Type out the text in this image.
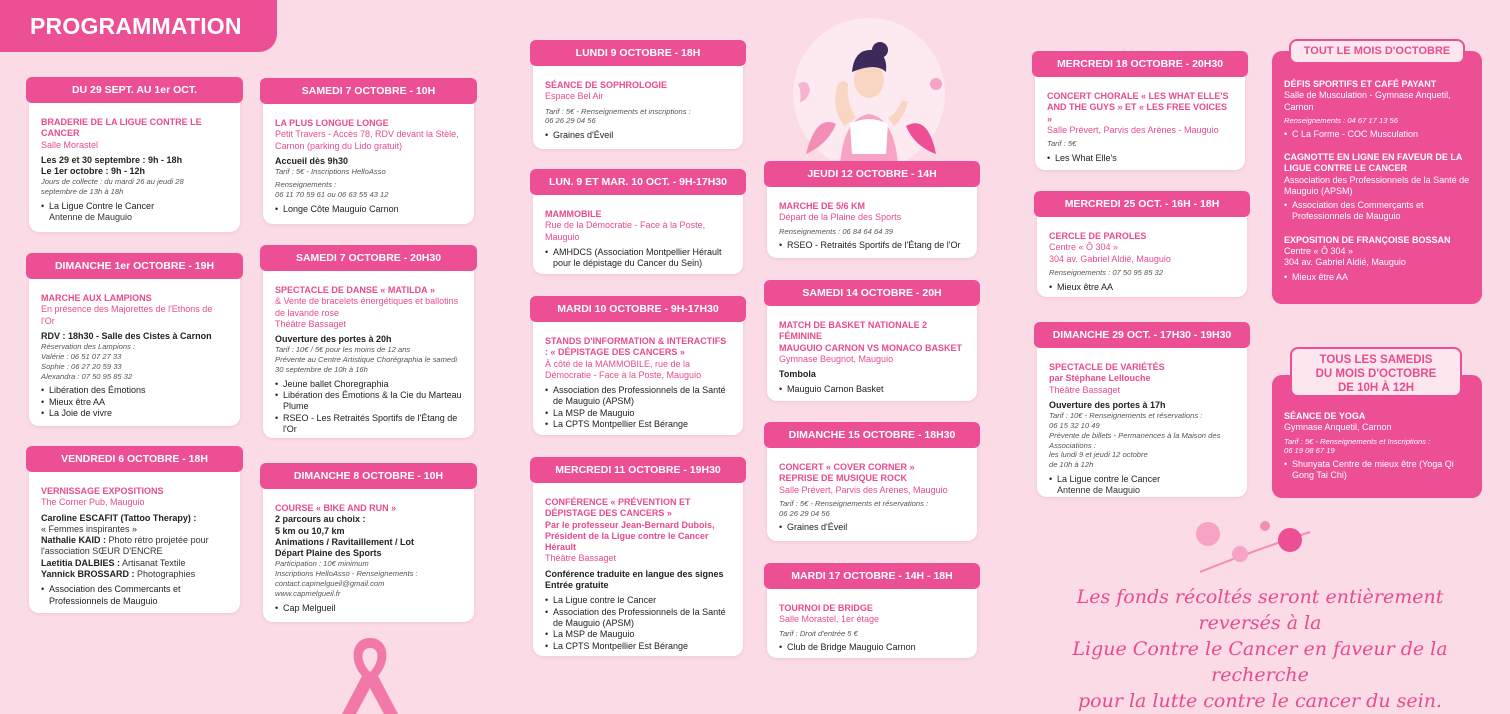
PROGRAMMATION
DU 29 SEPT. AU 1er OCT.
BRADERIE DE LA LIGUE CONTRE LE CANCER
Salle Morastel
Les 29 et 30 septembre : 9h - 18h
Le 1er octobre : 9h - 12h
Jours de collecte : du mardi 26 au jeudi 28
septembre de 13h à 18h
• La Ligue Contre le Cancer
Antenne de Mauguio
DIMANCHE 1er OCTOBRE - 19H
MARCHE AUX LAMPIONS
En présence des Majorettes de l'Ethons de l'Or
RDV : 18h30 - Salle des Cistes à Carnon
Réservation des Lampions :
Valérie : 06 51 07 27 33
Sophie : 06 27 20 59 33
Alexandra : 07 50 95 85 32
• Libération des Émotions
• Mieux être AA
• La Joie de vivre
VENDREDI 6 OCTOBRE - 18H
VERNISSAGE EXPOSITIONS
The Corner Pub, Mauguio
Caroline ESCAFIT (Tattoo Therapy) :
« Femmes inspirantes »
Nathalie KAID : Photo rétro projetée pour l'association SŒUR D'ENCRE
Laetitia DALBIES : Artisanat Textile
Yannick BROSSARD : Photographies
• Association des Commercants et Professionnels de Mauguio
SAMEDI 7 OCTOBRE - 10H
LA PLUS LONGUE LONGE
Petit Travers - Accès 78, RDV devant la Stèle, Carnon (parking du Lido gratuit)
Accueil dès 9h30
Tarif : 5€ - Inscriptions HelloAsso
Renseignements :
06 11 70 59 61 ou 06 63 55 43 12
• Longe Côte Mauguio Carnon
SAMEDI 7 OCTOBRE - 20H30
SPECTACLE DE DANSE « MATILDA »
& Vente de bracelets énergétiques et ballotins de lavande rose
Théâtre Bassaget
Ouverture des portes à 20h
Tarif : 10€ / 5€ pour les moins de 12 ans
Prévente au Centre Artistique Chorégraphia le samedi 30 septembre de 10h à 16h
• Jeune ballet Choregraphia
• Libération des Émotions & la Cie du Marteau Plume
• RSEO - Les Retraités Sportifs de l'Étang de l'Or
DIMANCHE 8 OCTOBRE - 10H
COURSE « BIKE AND RUN »
2 parcours au choix :
5 km ou 10,7 km
Animations / Ravitaillement / Lot
Départ Plaine des Sports
Participation : 10€ minimum
Inscriptions HelloAsso - Renseignements :
contact.capmelgueil@gmail.com
www.capmelgueil.fr
• Cap Melgueil
LUNDI 9 OCTOBRE - 18H
SÉANCE DE SOPHROLOGIE
Espace Bel Air
Tarif : 5€ - Renseignements et inscriptions :
06 26 29 04 56
• Graines d'Éveil
LUN. 9 ET MAR. 10 OCT. - 9H-17H30
MAMMOBILE
Rue de la Démocratie - Face à la Poste, Mauguio
• AMHDCS (Association Montpellier Hérault pour le dépistage du Cancer du Sein)
MARDI 10 OCTOBRE - 9H-17H30
STANDS D'INFORMATION & INTERACTIFS : « DÉPISTAGE DES CANCERS »
À côté de la MAMMOBILE, rue de la Démocratie - Face à la Poste, Mauguio
• Association des Professionnels de la Santé de Mauguio (APSM)
• La MSP de Mauguio
• La CPTS Montpellier Est Bérange
MERCREDI 11 OCTOBRE - 19H30
CONFÉRENCE « PRÉVENTION ET DÉPISTAGE DES CANCERS »
Par le professeur Jean-Bernard Dubois, Président de la Ligue contre le Cancer Hérault
Théâtre Bassaget
Conférence traduite en langue des signes
Entrée gratuite
• La Ligue contre le Cancer
• Association des Professionnels de la Santé de Mauguio (APSM)
• La MSP de Mauguio
• La CPTS Montpellier Est Bérange
JEUDI 12 OCTOBRE - 14H
MARCHE DE 5/6 KM
Départ de la Plaine des Sports
Renseignements : 06 84 64 64 39
• RSEO - Retraités Sportifs de l'Étang de l'Or
SAMEDI 14 OCTOBRE - 20H
MATCH DE BASKET NATIONALE 2 FÉMININE
MAUGUIO CARNON VS MONACO BASKET
Gymnase Beugnot, Mauguio
Tombola
• Mauguio Carnon Basket
DIMANCHE 15 OCTOBRE - 18H30
CONCERT « COVER CORNER »
REPRISE DE MUSIQUE ROCK
Salle Prévert, Parvis des Arènes, Mauguio
Tarif : 5€ - Renseignements et réservations :
06 26 29 04 56
• Graines d'Éveil
MARDI 17 OCTOBRE - 14H - 18H
TOURNOI DE BRIDGE
Salle Morastel, 1er étage
Tarif : Droit d'entrée 5 €
• Club de Bridge Mauguio Carnon
MERCREDI 18 OCTOBRE - 20H30
CONCERT CHORALE « LES WHAT ELLE'S AND THE GUYS » ET « LES FREE VOICES »
Salle Prévert, Parvis des Arènes - Mauguio
Tarif : 5€
• Les What Elle's
MERCREDI 25 OCT. - 16H - 18H
CERCLE DE PAROLES
Centre « Ô 304 »
304 av. Gabriel Aldié, Mauguio
Renseignements : 07 50 95 85 32
• Mieux être AA
DIMANCHE 29 OCT. - 17H30 - 19H30
SPECTACLE DE VARIÉTÉS
par Stéphane Lellouche
Théâtre Bassaget
Ouverture des portes à 17h
Tarif : 10€ - Renseignements et réservations :
06 15 32 10 49
Prévente de billets - Permanences à la Maison des Associations :
les lundi 9 et jeudi 12 octobre
de 10h à 12h
• La Ligue contre le Cancer
Antenne de Mauguio
DÉFIS SPORTIFS ET CAFÉ PAYANT
Salle de Musculation - Gymnase Anquetil, Carnon
Renseignements : 04 67 17 13 56
• C La Forme - COC Musculation
CAGNOTTE EN LIGNE EN FAVEUR DE LA LIGUE CONTRE LE CANCER
Association des Professionnels de la Santé de Mauguio (APSM)
• Association des Commerçants et Professionnels de Mauguio
EXPOSITION DE FRANÇOISE BOSSAN
Centre « Ô 304 »
304 av. Gabriel Aldié, Mauguio
• Mieux être AA
TOUT LE MOIS D'OCTOBRE
SÉANCE DE YOGA
Gymnase Anquetil, Carnon
Tarif : 5€ - Renseignements et Inscriptions :
06 19 08 67 19
• Shunyata Centre de mieux être (Yoga Qi Gong Tai Chi)
TOUS LES SAMEDIS
DU MOIS D'OCTOBRE
DE 10H À 12H
Les fonds récoltés seront entièrement reversés à la
Ligue Contre le Cancer en faveur de la recherche
pour la lutte contre le cancer du sein.
